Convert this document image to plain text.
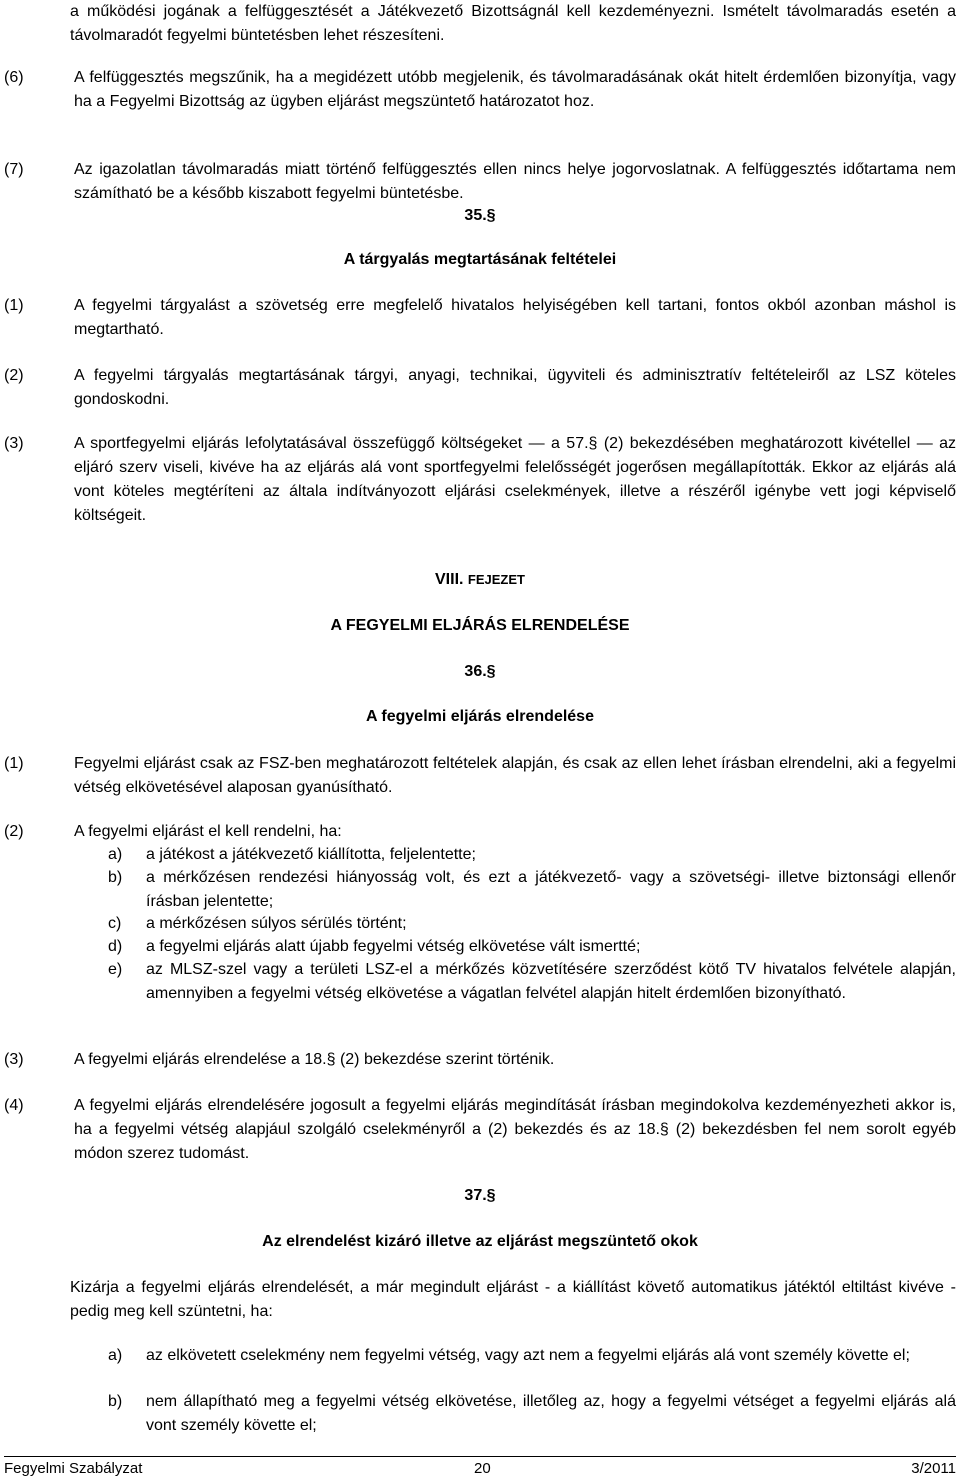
a működési jogának a felfüggesztését a Játékvezető Bizottságnál kell kezdeményezni. Ismételt távolmaradás esetén a távolmaradót fegyelmi büntetésben lehet részesíteni.
(6)	A felfüggesztés megszűnik, ha a megidézett utóbb megjelenik, és távolmaradásának okát hitelt érdemlően bizonyítja, vagy ha a Fegyelmi Bizottság az ügyben eljárást megszüntető határozatot hoz.
(7)	Az igazolatlan távolmaradás miatt történő felfüggesztés ellen nincs helye jogorvoslatnak. A felfüggesztés időtartama nem számítható be a később kiszabott fegyelmi büntetésbe.
35.§
A tárgyalás megtartásának feltételei
(1)	A fegyelmi tárgyalást a szövetség erre megfelelő hivatalos helyiségében kell tartani, fontos okból azonban máshol is megtartható.
(2)	A fegyelmi tárgyalás megtartásának tárgyi, anyagi, technikai, ügyviteli és adminisztratív feltételeiről az LSZ köteles gondoskodni.
(3)	A sportfegyelmi eljárás lefolytatásával összefüggő költségeket ― a 57.§ (2) bekezdésében meghatározott kivétellel ― az eljáró szerv viseli, kivéve ha az eljárás alá vont sportfegyelmi felelősségét jogerősen megállapították. Ekkor az eljárás alá vont köteles megtéríteni az általa indítványozott eljárási cselekmények, illetve a részéről igénybe vett jogi képviselő költségeit.
VIII. FEJEZET
A FEGYELMI ELJÁRÁS ELRENDELÉSE
36.§
A fegyelmi eljárás elrendelése
(1)	Fegyelmi eljárást csak az FSZ-ben meghatározott feltételek alapján, és csak az ellen lehet írásban elrendelni, aki a fegyelmi vétség elkövetésével alaposan gyanúsítható.
(2)	A fegyelmi eljárást el kell rendelni, ha:
a)	a játékost a játékvezető kiállította, feljelentette;
b)	a mérkőzésen rendezési hiányosság volt, és ezt a játékvezető- vagy a szövetségi- illetve biztonsági ellenőr írásban jelentette;
c)	a mérkőzésen súlyos sérülés történt;
d)	a fegyelmi eljárás alatt újabb fegyelmi vétség elkövetése vált ismertté;
e)	az MLSZ-szel vagy a területi LSZ-el a mérkőzés közvetítésére szerződést kötő TV hivatalos felvétele alapján, amennyiben a fegyelmi vétség elkövetése a vágatlan felvétel alapján hitelt érdemlően bizonyítható.
(3)	A fegyelmi eljárás elrendelése a 18.§ (2) bekezdése szerint történik.
(4)	A fegyelmi eljárás elrendelésére jogosult a fegyelmi eljárás megindítását írásban megindokolva kezdeményezheti akkor is, ha a fegyelmi vétség alapjául szolgáló cselekményről a (2) bekezdés és az 18.§ (2) bekezdésben fel nem sorolt egyéb módon szerez tudomást.
37.§
Az elrendelést kizáró illetve az eljárást megszüntető okok
Kizárja a fegyelmi eljárás elrendelését, a már megindult eljárást - a kiállítást követő automatikus játéktól eltiltást kivéve - pedig meg kell szüntetni, ha:
a)	az elkövetett cselekmény nem fegyelmi vétség, vagy azt nem a fegyelmi eljárás alá vont személy követte el;
b)	nem állapítható meg a fegyelmi vétség elkövetése, illetőleg az, hogy a fegyelmi vétséget a fegyelmi eljárás alá vont személy követte el;
Fegyelmi Szabályzat	20	3/2011
